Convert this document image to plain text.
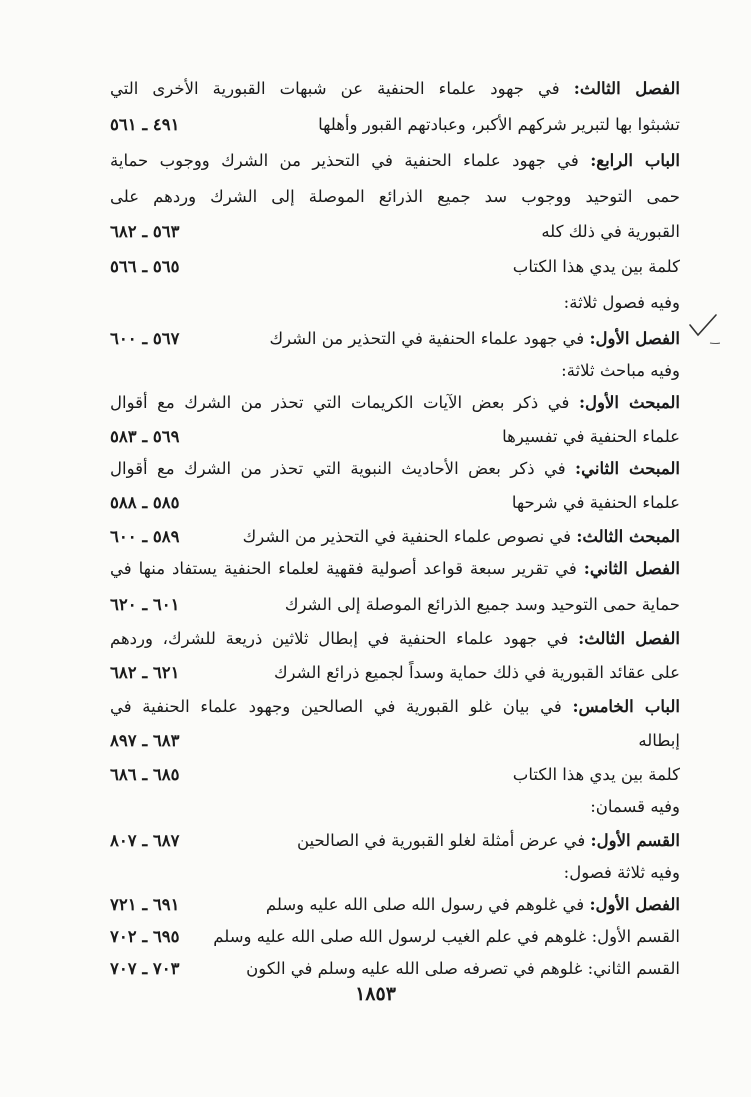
الفصل الثالث: في جهود علماء الحنفية عن شبهات القبورية الأخرى التي
تشبثوا بها لتبرير شركهم الأكبر، وعبادتهم القبور وأهلها
٤٩١ ـ ٥٦١
الباب الرابع: في جهود علماء الحنفية في التحذير من الشرك ووجوب حماية
حمى التوحيد ووجوب سد جميع الذرائع الموصلة إلى الشرك وردهم على
القبورية في ذلك كله
٥٦٣ ـ ٦٨٢
كلمة بين يدي هذا الكتاب
٥٦٥ ـ ٥٦٦
وفيه فصول ثلاثة:
الفصل الأول: في جهود علماء الحنفية في التحذير من الشرك
٥٦٧ ـ ٦٠٠
وفيه مباحث ثلاثة:
المبحث الأول: في ذكر بعض الآيات الكريمات التي تحذر من الشرك مع أقوال
علماء الحنفية في تفسيرها
٥٦٩ ـ ٥٨٣
المبحث الثاني: في ذكر بعض الأحاديث النبوية التي تحذر من الشرك مع أقوال
علماء الحنفية في شرحها
٥٨٥ ـ ٥٨٨
المبحث الثالث: في نصوص علماء الحنفية في التحذير من الشرك
٥٨٩ ـ ٦٠٠
الفصل الثاني: في تقرير سبعة قواعد أصولية فقهية لعلماء الحنفية يستفاد منها في
حماية حمى التوحيد وسد جميع الذرائع الموصلة إلى الشرك
٦٠١ ـ ٦٢٠
الفصل الثالث: في جهود علماء الحنفية في إبطال ثلاثين ذريعة للشرك، وردهم
على عقائد القبورية في ذلك حماية وسداً لجميع ذرائع الشرك
٦٢١ ـ ٦٨٢
الباب الخامس: في بيان غلو القبورية في الصالحين وجهود علماء الحنفية في
إبطاله
٦٨٣ ـ ٨٩٧
كلمة بين يدي هذا الكتاب
٦٨٥ ـ ٦٨٦
وفيه قسمان:
القسم الأول: في عرض أمثلة لغلو القبورية في الصالحين
٦٨٧ ـ ٨٠٧
وفيه ثلاثة فصول:
الفصل الأول: في غلوهم في رسول الله صلى الله عليه وسلم
٦٩١ ـ ٧٢١
القسم الأول: غلوهم في علم الغيب لرسول الله صلى الله عليه وسلم
٦٩٥ ـ ٧٠٢
القسم الثاني: غلوهم في تصرفه صلى الله عليه وسلم في الكون
٧٠٣ ـ ٧٠٧
١٨٥٣
